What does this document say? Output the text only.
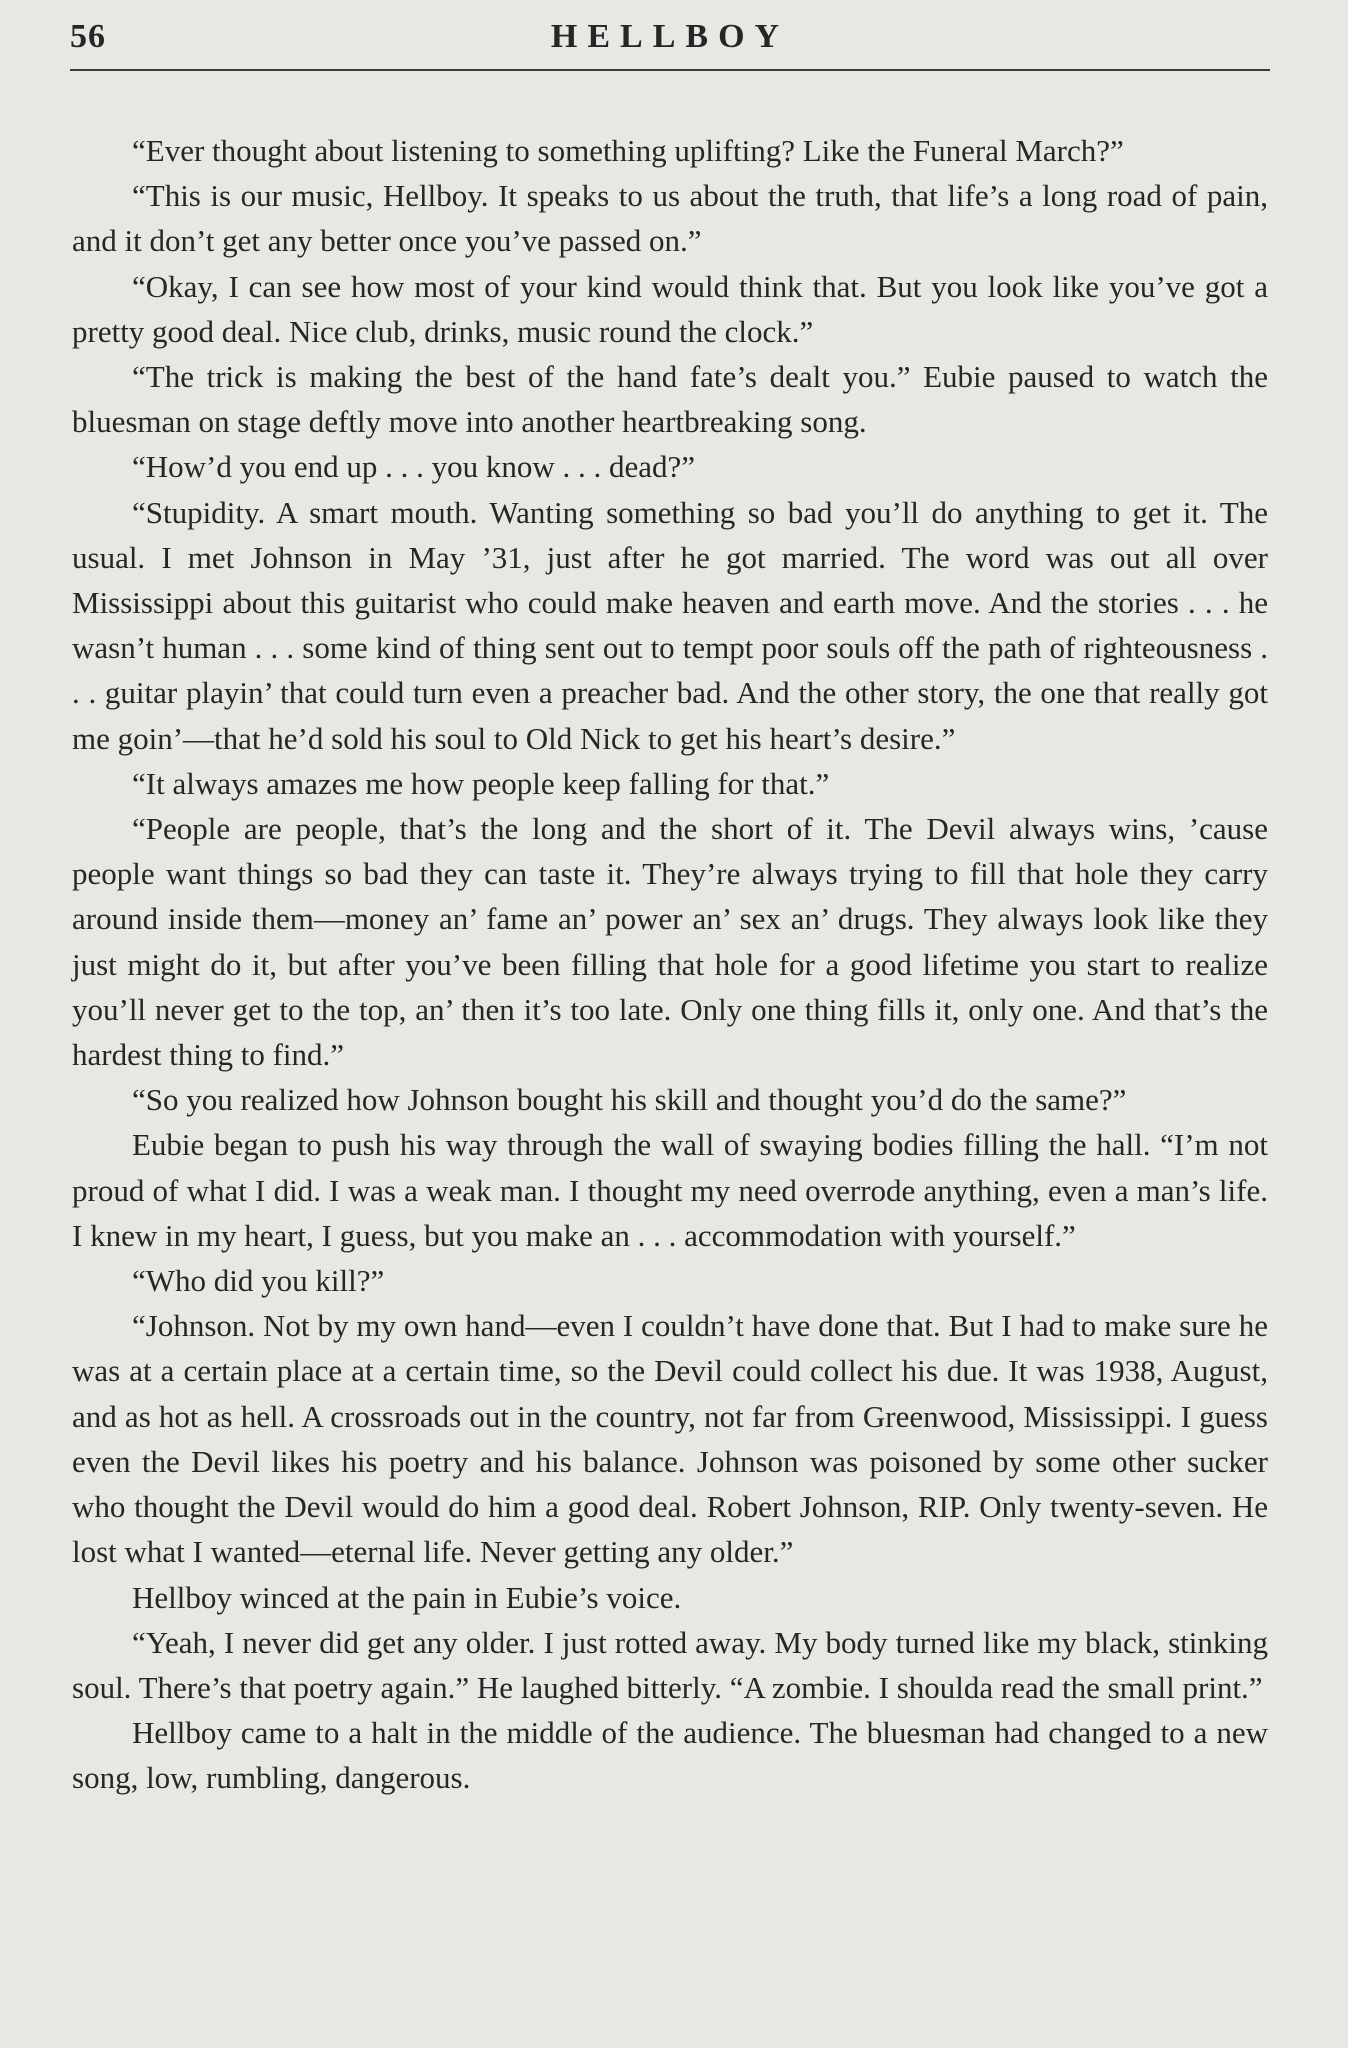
56	HELLBOY

“Ever thought about listening to something uplifting? Like the Funeral March?”

“This is our music, Hellboy. It speaks to us about the truth, that life’s a long road of pain, and it don’t get any better once you’ve passed on.”

“Okay, I can see how most of your kind would think that. But you look like you’ve got a pretty good deal. Nice club, drinks, music round the clock.”

“The trick is making the best of the hand fate’s dealt you.” Eubie paused to watch the bluesman on stage deftly move into another heartbreaking song.

“How’d you end up . . . you know . . . dead?”

“Stupidity. A smart mouth. Wanting something so bad you’ll do anything to get it. The usual. I met Johnson in May ’31, just after he got married. The word was out all over Mississippi about this guitarist who could make heaven and earth move. And the stories . . . he wasn’t human . . . some kind of thing sent out to tempt poor souls off the path of righteousness . . . guitar playin’ that could turn even a preacher bad. And the other story, the one that really got me goin’—that he’d sold his soul to Old Nick to get his heart’s desire.”

“It always amazes me how people keep falling for that.”

“People are people, that’s the long and the short of it. The Devil always wins, ’cause people want things so bad they can taste it. They’re always trying to fill that hole they carry around inside them—money an’ fame an’ power an’ sex an’ drugs. They always look like they just might do it, but after you’ve been filling that hole for a good lifetime you start to realize you’ll never get to the top, an’ then it’s too late. Only one thing fills it, only one. And that’s the hardest thing to find.”

“So you realized how Johnson bought his skill and thought you’d do the same?”

Eubie began to push his way through the wall of swaying bodies filling the hall. “I’m not proud of what I did. I was a weak man. I thought my need overrode anything, even a man’s life. I knew in my heart, I guess, but you make an . . . accommodation with yourself.”

“Who did you kill?”

“Johnson. Not by my own hand—even I couldn’t have done that. But I had to make sure he was at a certain place at a certain time, so the Devil could collect his due. It was 1938, August, and as hot as hell. A crossroads out in the country, not far from Greenwood, Mississippi. I guess even the Devil likes his poetry and his balance. Johnson was poisoned by some other sucker who thought the Devil would do him a good deal. Robert Johnson, RIP. Only twenty-seven. He lost what I wanted—eternal life. Never getting any older.”

Hellboy winced at the pain in Eubie’s voice.

“Yeah, I never did get any older. I just rotted away. My body turned like my black, stinking soul. There’s that poetry again.” He laughed bitterly. “A zombie. I shoulda read the small print.”

Hellboy came to a halt in the middle of the audience. The bluesman had changed to a new song, low, rumbling, dangerous.
